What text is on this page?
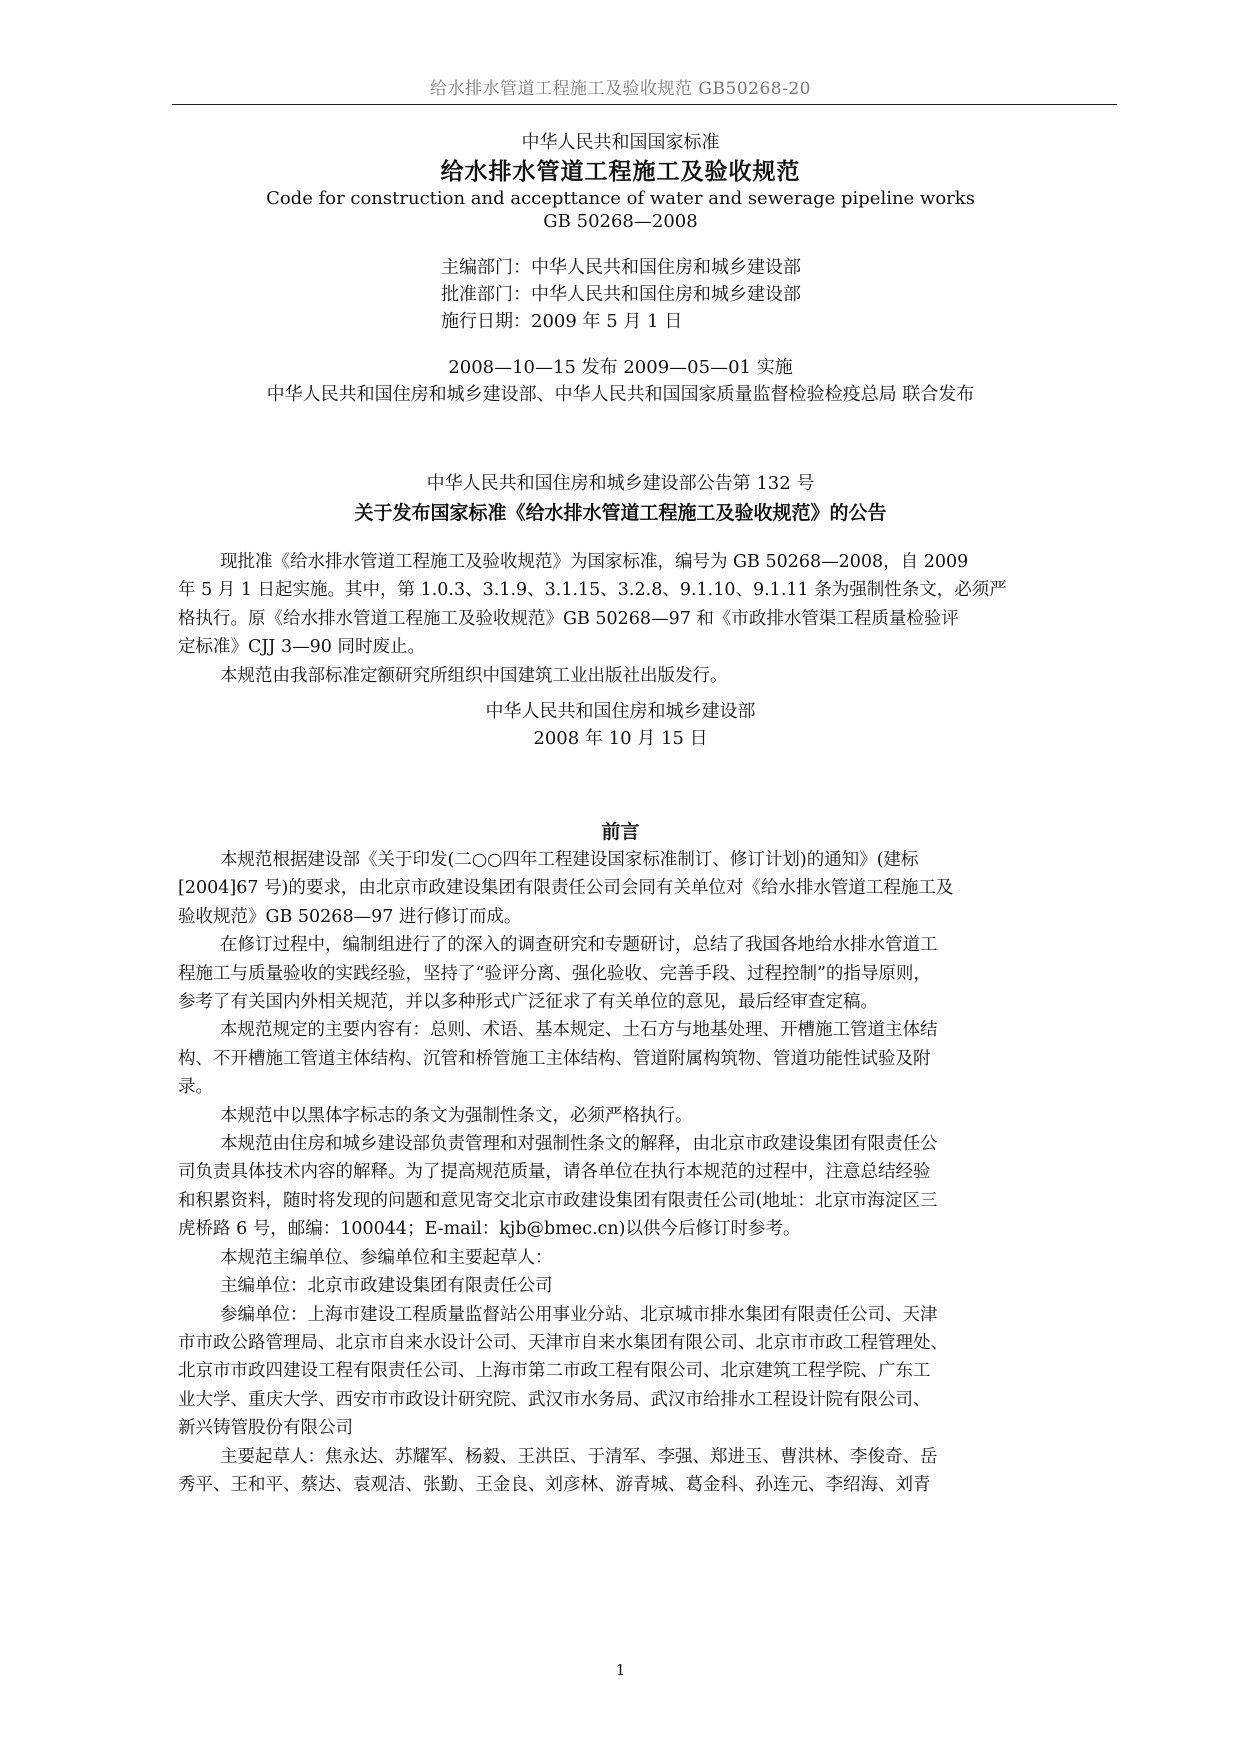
给水排水管道工程施工及验收规范 GB50268-20
中华人民共和国国家标准
给水排水管道工程施工及验收规范
Code for construction and accepttance of water and sewerage pipeline works
GB 50268—2008
主编部门：中华人民共和国住房和城乡建设部
批准部门：中华人民共和国住房和城乡建设部
施行日期：2009 年 5 月 1 日
2008—10—15 发布 2009—05—01 实施
中华人民共和国住房和城乡建设部、中华人民共和国国家质量监督检验检疫总局 联合发布
中华人民共和国住房和城乡建设部公告第 132 号
关于发布国家标准《给水排水管道工程施工及验收规范》的公告
现批准《给水排水管道工程施工及验收规范》为国家标准，编号为 GB 50268—2008，自 2009
年 5 月 1 日起实施。其中，第 1.0.3、3.1.9、3.1.15、3.2.8、9.1.10、9.1.11 条为强制性条文，必须严
格执行。原《给水排水管道工程施工及验收规范》GB 50268—97 和《市政排水管渠工程质量检验评
定标准》CJJ 3—90 同时废止。
本规范由我部标准定额研究所组织中国建筑工业出版社出版发行。
中华人民共和国住房和城乡建设部
2008 年 10 月 15 日
前言
本规范根据建设部《关于印发(二○○四年工程建设国家标准制订、修订计划)的通知》(建标
[2004]67 号)的要求，由北京市政建设集团有限责任公司会同有关单位对《给水排水管道工程施工及
验收规范》GB 50268—97 进行修订而成。
在修订过程中，编制组进行了的深入的调查研究和专题研讨，总结了我国各地给水排水管道工
程施工与质量验收的实践经验，坚持了“验评分离、强化验收、完善手段、过程控制”的指导原则，
参考了有关国内外相关规范，并以多种形式广泛征求了有关单位的意见，最后经审查定稿。
本规范规定的主要内容有：总则、术语、基本规定、土石方与地基处理、开槽施工管道主体结
构、不开槽施工管道主体结构、沉管和桥管施工主体结构、管道附属构筑物、管道功能性试验及附
录。
本规范中以黑体字标志的条文为强制性条文，必须严格执行。
本规范由住房和城乡建设部负责管理和对强制性条文的解释，由北京市政建设集团有限责任公
司负责具体技术内容的解释。为了提高规范质量，请各单位在执行本规范的过程中，注意总结经验
和积累资料，随时将发现的问题和意见寄交北京市政建设集团有限责任公司(地址：北京市海淀区三
虎桥路 6 号，邮编：100044；E-mail：kjb@bmec.cn)以供今后修订时参考。
本规范主编单位、参编单位和主要起草人：
主编单位：北京市政建设集团有限责任公司
参编单位：上海市建设工程质量监督站公用事业分站、北京城市排水集团有限责任公司、天津
市市政公路管理局、北京市自来水设计公司、天津市自来水集团有限公司、北京市市政工程管理处、
北京市市政四建设工程有限责任公司、上海市第二市政工程有限公司、北京建筑工程学院、广东工
业大学、重庆大学、西安市市政设计研究院、武汉市水务局、武汉市给排水工程设计院有限公司、
新兴铸管股份有限公司
主要起草人：焦永达、苏耀军、杨毅、王洪臣、于清军、李强、郑进玉、曹洪林、李俊奇、岳
秀平、王和平、蔡达、袁观洁、张勤、王金良、刘彦林、游青城、葛金科、孙连元、李绍海、刘青
1
